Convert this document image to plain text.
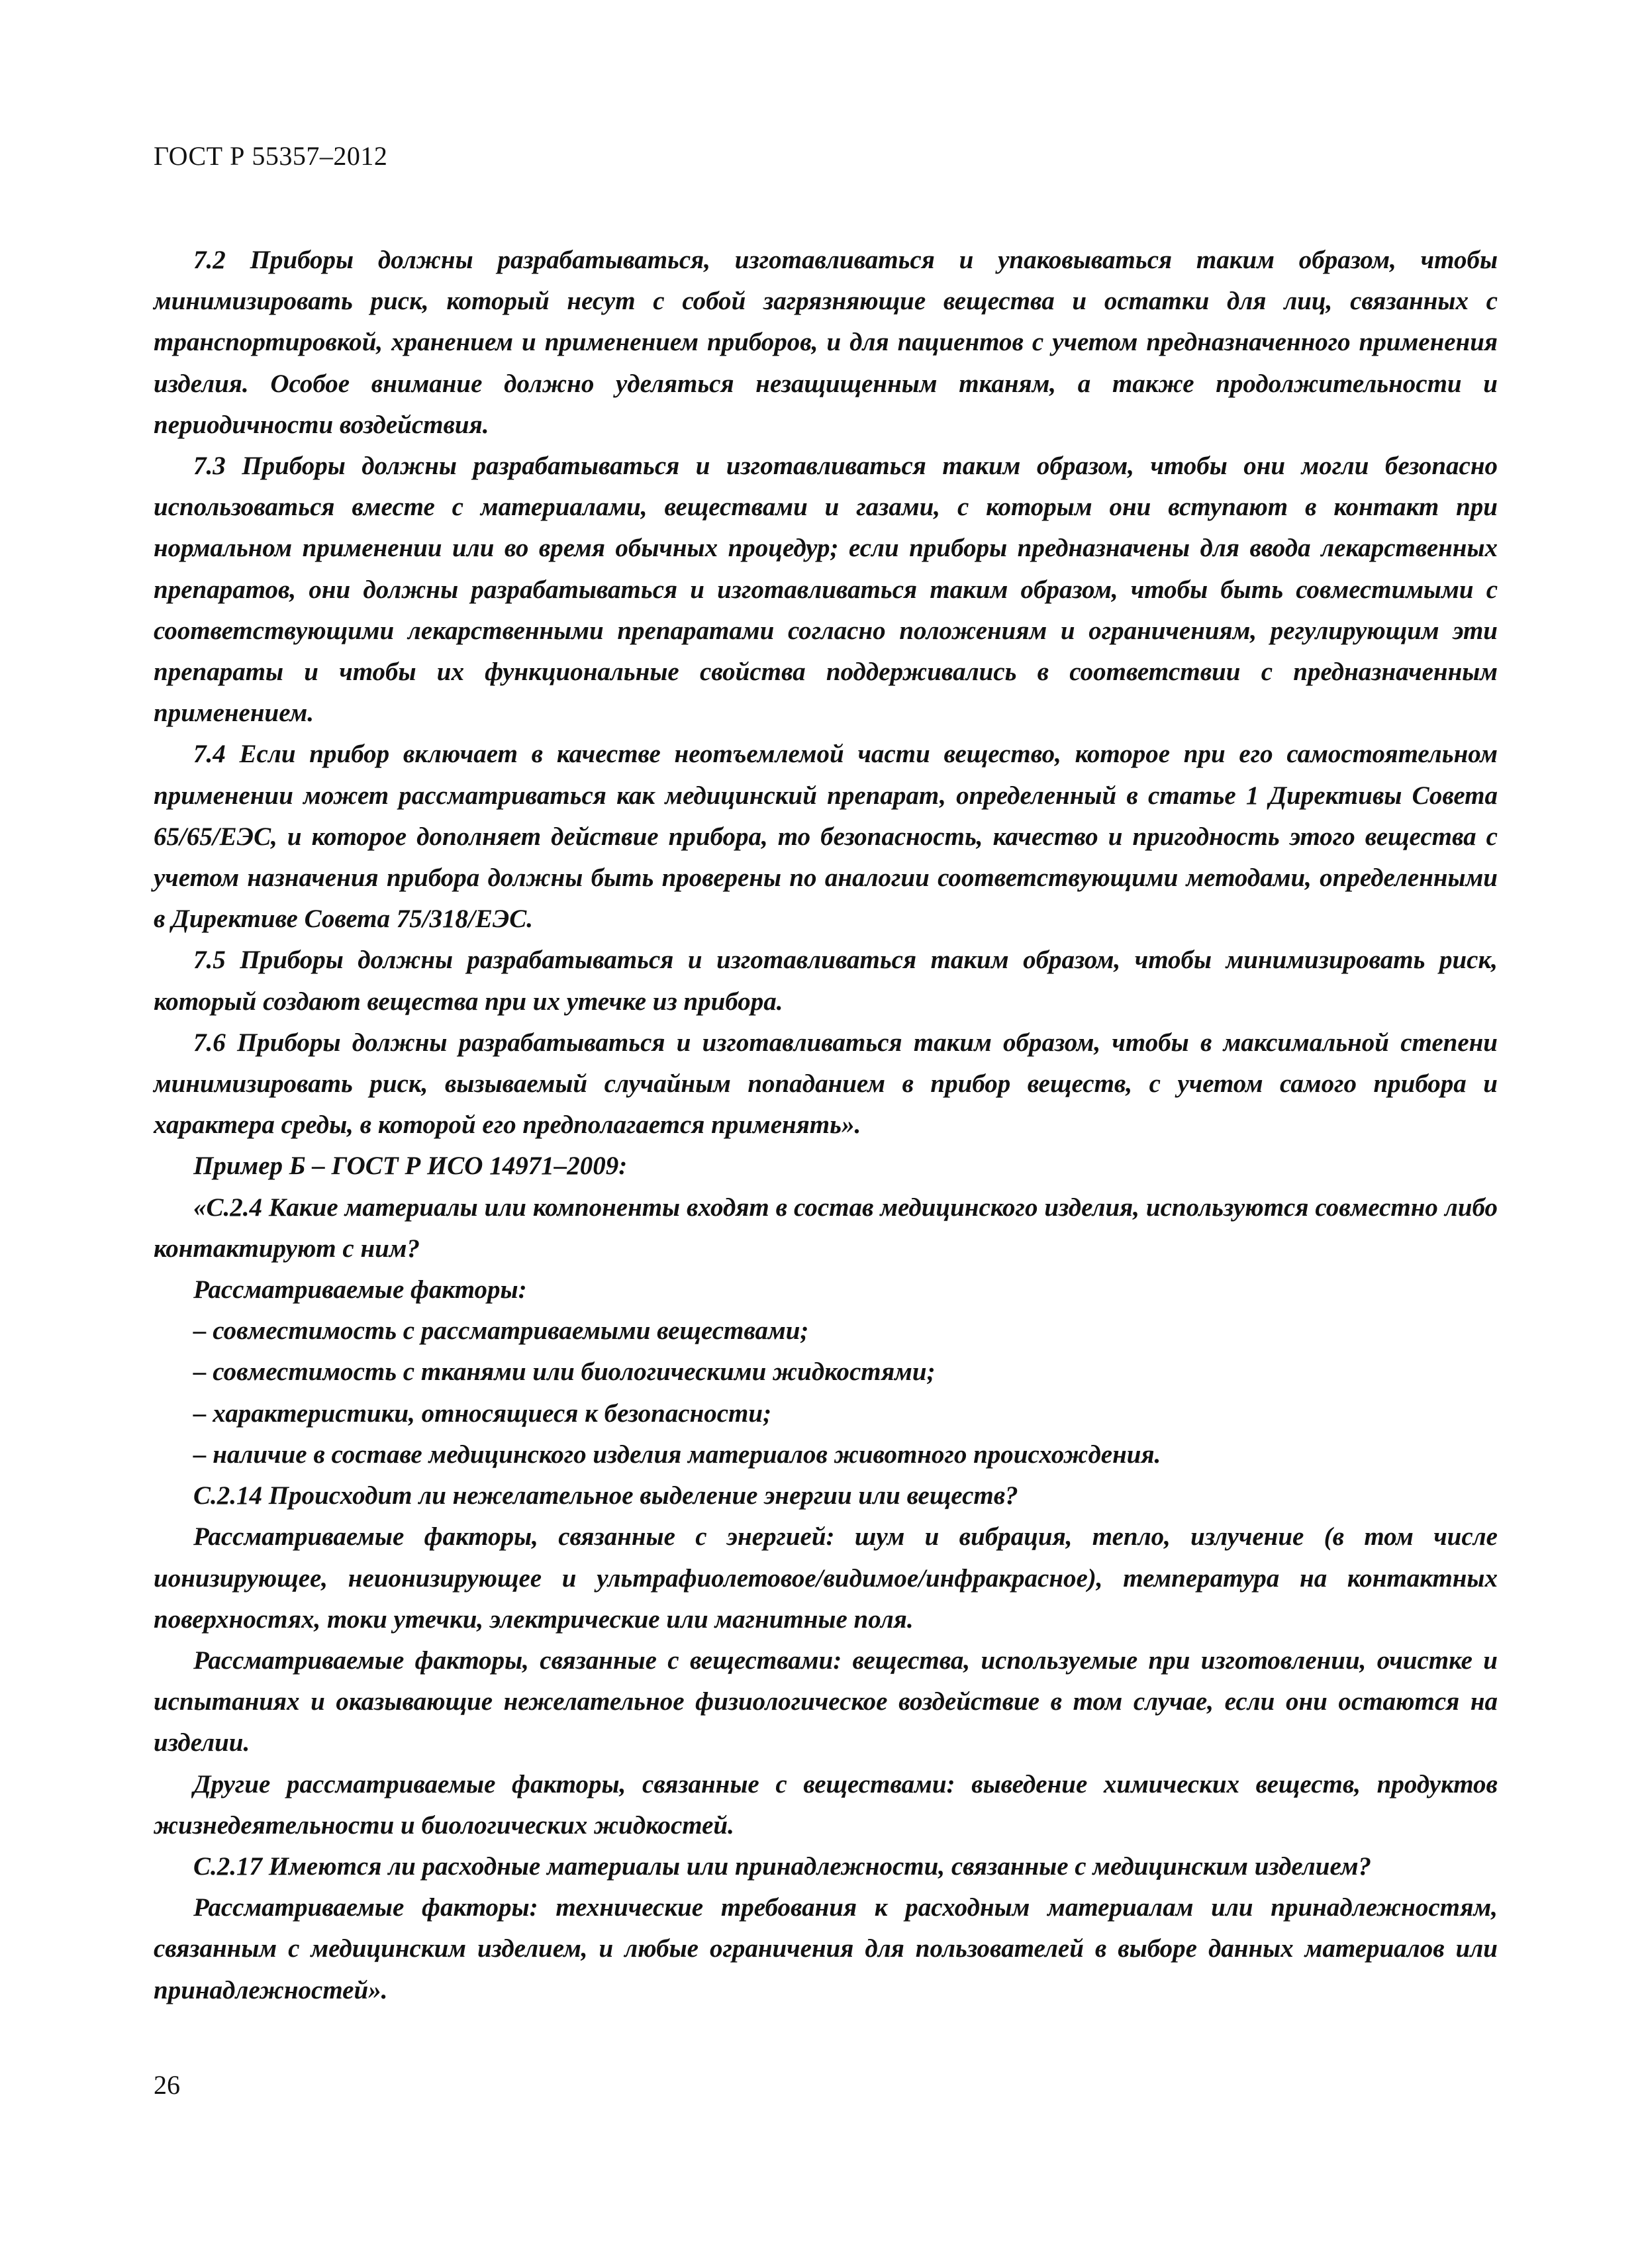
ГОСТ Р 55357–2012

7.2 Приборы должны разрабатываться, изготавливаться и упаковываться таким образом, чтобы минимизировать риск, который несут с собой загрязняющие вещества и остатки для лиц, связанных с транспортировкой, хранением и применением приборов, и для пациентов с учетом предназначенного применения изделия. Особое внимание должно уделяться незащищенным тканям, а также продолжительности и периодичности воздействия.

7.3 Приборы должны разрабатываться и изготавливаться таким образом, чтобы они могли безопасно использоваться вместе с материалами, веществами и газами, с которым они вступают в контакт при нормальном применении или во время обычных процедур; если приборы предназначены для ввода лекарственных препаратов, они должны разрабатываться и изготавливаться таким образом, чтобы быть совместимыми с соответствующими лекарственными препаратами согласно положениям и ограничениям, регулирующим эти препараты и чтобы их функциональные свойства поддерживались в соответствии с предназначенным применением.

7.4 Если прибор включает в качестве неотъемлемой части вещество, которое при его самостоятельном применении может рассматриваться как медицинский препарат, определенный в статье 1 Директивы Совета 65/65/ЕЭС, и которое дополняет действие прибора, то безопасность, качество и пригодность этого вещества с учетом назначения прибора должны быть проверены по аналогии соответствующими методами, определенными в Директиве Совета 75/318/ЕЭС.

7.5 Приборы должны разрабатываться и изготавливаться таким образом, чтобы минимизировать риск, который создают вещества при их утечке из прибора.

7.6 Приборы должны разрабатываться и изготавливаться таким образом, чтобы в максимальной степени минимизировать риск, вызываемый случайным попаданием в прибор веществ, с учетом самого прибора и характера среды, в которой его предполагается применять».

Пример Б – ГОСТ Р ИСО 14971–2009:

«С.2.4 Какие материалы или компоненты входят в состав медицинского изделия, используются совместно либо контактируют с ним?

Рассматриваемые факторы:

– совместимость с рассматриваемыми веществами;

– совместимость с тканями или биологическими жидкостями;

– характеристики, относящиеся к безопасности;

– наличие в составе медицинского изделия материалов животного происхождения.

С.2.14 Происходит ли нежелательное выделение энергии или веществ?

Рассматриваемые факторы, связанные с энергией: шум и вибрация, тепло, излучение (в том числе ионизирующее, неионизирующее и ультрафиолетовое/видимое/инфракрасное), температура на контактных поверхностях, токи утечки, электрические или магнитные поля.

Рассматриваемые факторы, связанные с веществами: вещества, используемые при изготовлении, очистке и испытаниях и оказывающие нежелательное физиологическое воздействие в том случае, если они остаются на изделии.

Другие рассматриваемые факторы, связанные с веществами: выведение химических веществ, продуктов жизнедеятельности и биологических жидкостей.

С.2.17 Имеются ли расходные материалы или принадлежности, связанные с медицинским изделием?

Рассматриваемые факторы: технические требования к расходным материалам или принадлежностям, связанным с медицинским изделием, и любые ограничения для пользователей в выборе данных материалов или принадлежностей».

26
